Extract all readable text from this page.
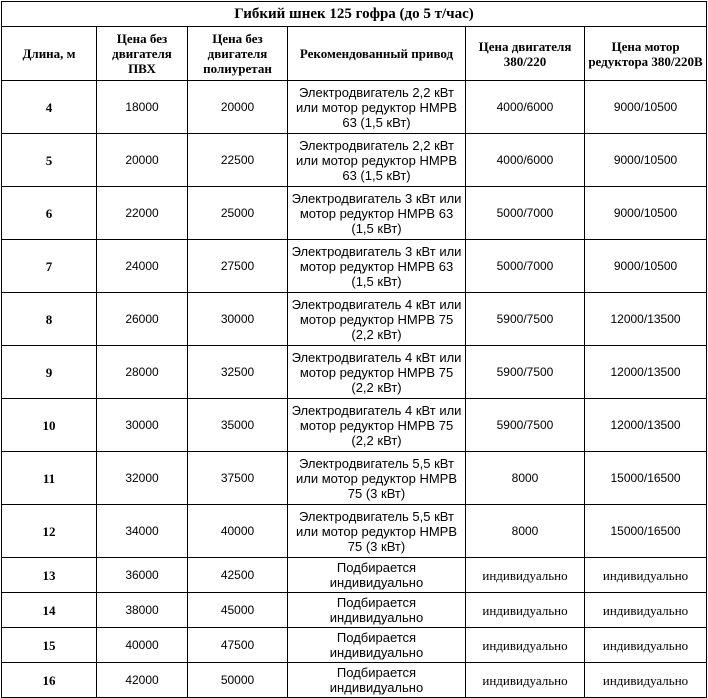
Гибкий шнек 125 гофра (до 5 т/час)					
Длина, м	Цена без двигателя ПВХ	Цена без двигателя полиуретан	Рекомендованный привод	Цена двигателя 380/220	Цена мотор редуктора 380/220В
4	18000	20000	Электродвигатель 2,2 кВт или мотор редуктор НМРВ 63 (1,5 кВт)	4000/6000	9000/10500
5	20000	22500	Электродвигатель 2,2 кВт или мотор редуктор НМРВ 63 (1,5 кВт)	4000/6000	9000/10500
6	22000	25000	Электродвигатель 3 кВт или мотор редуктор НМРВ 63 (1,5 кВт)	5000/7000	9000/10500
7	24000	27500	Электродвигатель 3 кВт или мотор редуктор НМРВ 63 (1,5 кВт)	5000/7000	9000/10500
8	26000	30000	Электродвигатель 4 кВт или мотор редуктор НМРВ 75 (2,2 кВт)	5900/7500	12000/13500
9	28000	32500	Электродвигатель 4 кВт или мотор редуктор НМРВ 75 (2,2 кВт)	5900/7500	12000/13500
10	30000	35000	Электродвигатель 4 кВт или мотор редуктор НМРВ 75 (2,2 кВт)	5900/7500	12000/13500
11	32000	37500	Электродвигатель 5,5 кВт или мотор редуктор НМРВ 75 (3 кВт)	8000	15000/16500
12	34000	40000	Электродвигатель 5,5 кВт или мотор редуктор НМРВ 75 (3 кВт)	8000	15000/16500
13	36000	42500	Подбирается индивидуально	индивидуально	индивидуально
14	38000	45000	Подбирается индивидуально	индивидуально	индивидуально
15	40000	47500	Подбирается индивидуально	индивидуально	индивидуально
16	42000	50000	Подбирается индивидуально	индивидуально	индивидуально
